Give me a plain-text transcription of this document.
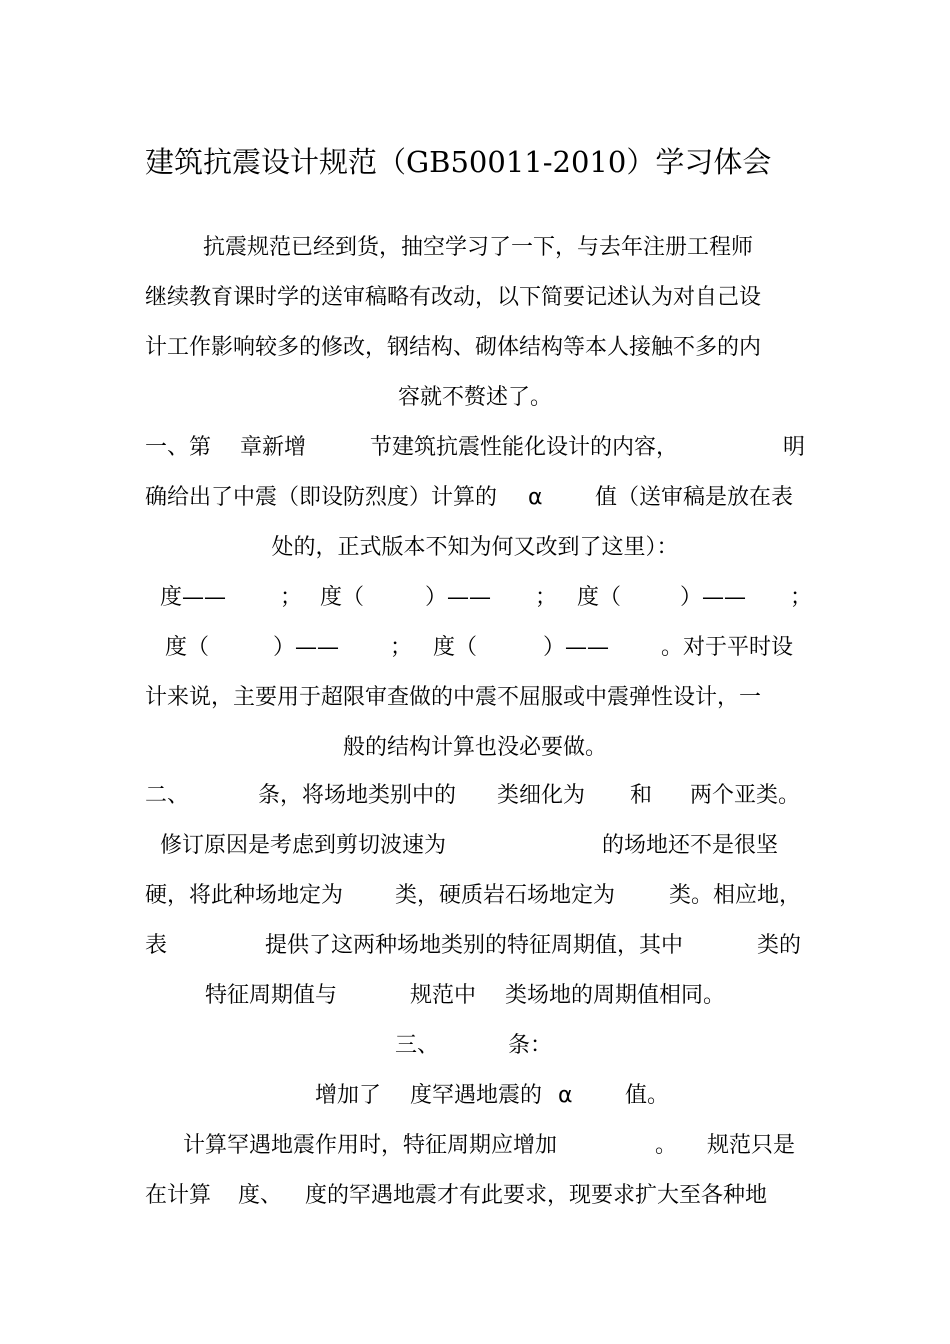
建筑抗震设计规范（GB50011-2010）学习体会
抗震规范已经到货，抽空学习了一下，与去年注册工程师
继续教育课时学的送审稿略有改动，以下简要记述认为对自己设
计工作影响较多的修改，钢结构、砌体结构等本人接触不多的内
容就不赘述了。
一、第 章新增	节建筑抗震性能化设计的内容，	明
确给出了中震（即设防烈度）计算的 α 值（送审稿是放在表
处的，正式版本不知为何又改到了这里）：
度—— ； 度（	）—— ； 度（	）—— ；
度（	）—— ； 度（	）—— 。对于平时设
计来说，主要用于超限审查做的中震不屈服或中震弹性设计，一
般的结构计算也没必要做。
二、	条，将场地类别中的 类细化为 和 两个亚类。
修订原因是考虑到剪切波速为	的场地还不是很坚
硬，将此种场地定为 类，硬质岩石场地定为 类。相应地，
表	提供了这两种场地类别的特征周期值，其中	类的
特征周期值与	规范中 类场地的周期值相同。
三、	条：
增加了 度罕遇地震的 α 值。
计算罕遇地震作用时，特征周期应增加	。 规范只是
在计算 度、 度的罕遇地震才有此要求，现要求扩大至各种地
